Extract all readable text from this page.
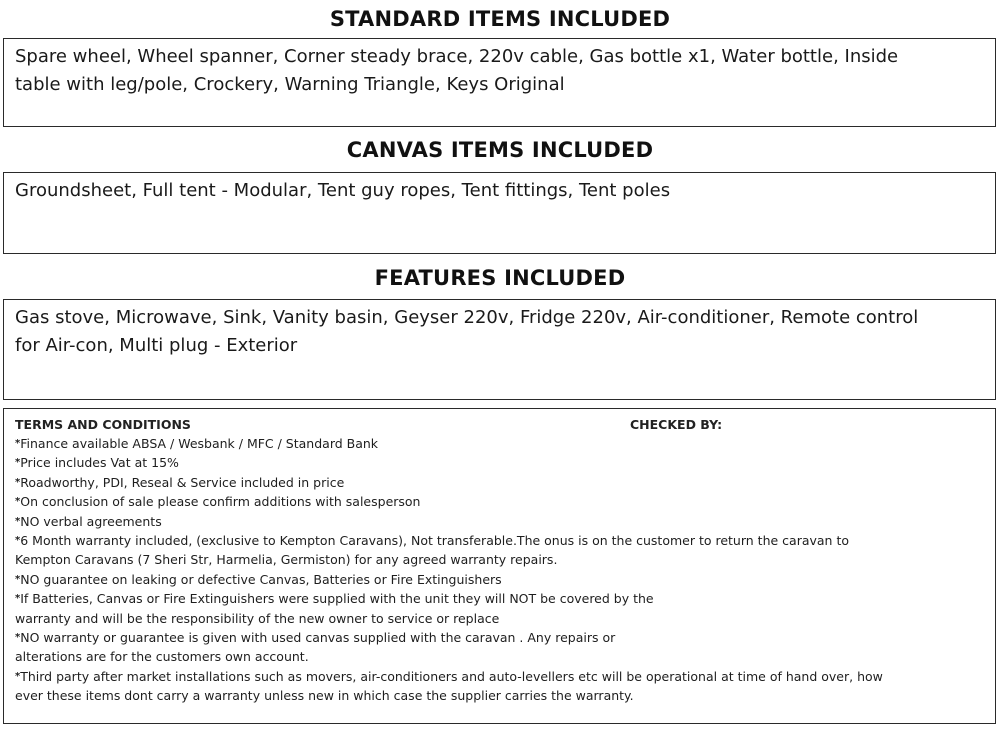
STANDARD ITEMS INCLUDED
Spare wheel, Wheel spanner, Corner steady brace, 220v cable, Gas bottle x1, Water bottle, Inside
table with leg/pole, Crockery, Warning Triangle, Keys Original
CANVAS ITEMS INCLUDED
Groundsheet, Full tent - Modular, Tent guy ropes, Tent fittings, Tent poles
FEATURES INCLUDED
Gas stove, Microwave, Sink, Vanity basin, Geyser 220v, Fridge 220v, Air-conditioner, Remote control
for Air-con, Multi plug - Exterior
TERMS AND CONDITIONS	CHECKED BY:
*Finance available ABSA / Wesbank / MFC / Standard Bank
*Price includes Vat at 15%
*Roadworthy, PDI, Reseal & Service included in price
*On conclusion of sale please confirm additions with salesperson
*NO verbal agreements
*6 Month warranty included, (exclusive to Kempton Caravans), Not transferable.The onus is on the customer to return the caravan to
Kempton Caravans (7 Sheri Str, Harmelia, Germiston) for any agreed warranty repairs.
*NO guarantee on leaking or defective Canvas, Batteries or Fire Extinguishers
*If Batteries, Canvas or Fire Extinguishers were supplied with the unit they will NOT be covered by the
warranty and will be the responsibility of the new owner to service or replace
*NO warranty or guarantee is given with used canvas supplied with the caravan . Any repairs or
alterations are for the customers own account.
*Third party after market installations such as movers, air-conditioners and auto-levellers etc will be operational at time of hand over, how
ever these items dont carry a warranty unless new in which case the supplier carries the warranty.
